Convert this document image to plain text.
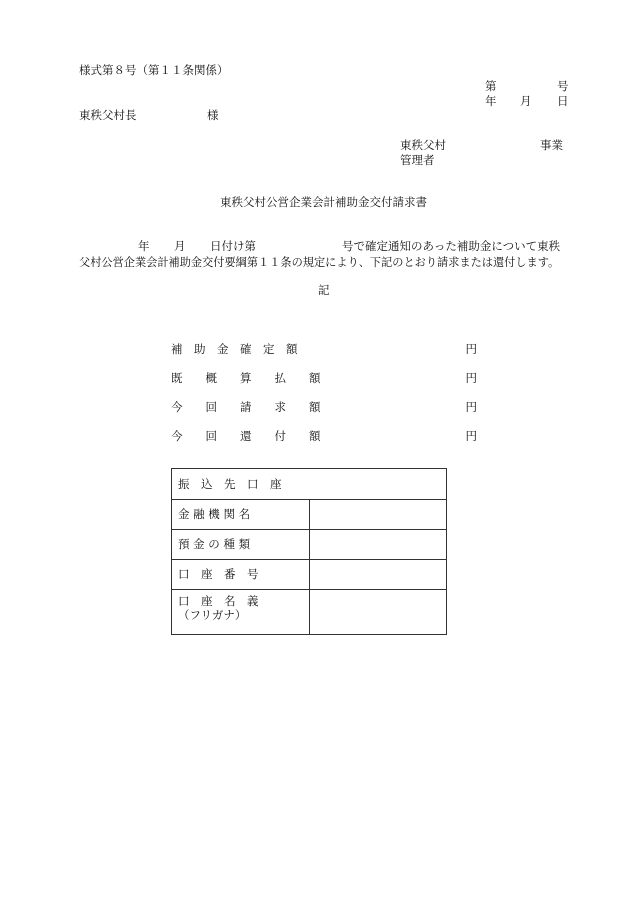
様式第８号（第１１条関係）
第	号
年 月 日
東秩父村長	様
東秩父村	事業
管理者
東秩父村公営企業会計補助金交付請求書
年 月 日付け第	号で確定通知のあった補助金について東秩
父村公営企業会計補助金交付要綱第１１条の規定により、下記のとおり請求または還付します。
記
補　助　金　確　定　額	円
既　　概　　算　　払　　額	円
今　　回　　請　　求　　額	円
今　　回　　還　　付　　額	円
振　込　先　口　座	
金 融 機 関 名	
預 金 の 種 類	
口　座　番　号	

口　座　名　義
（フリガナ）	
